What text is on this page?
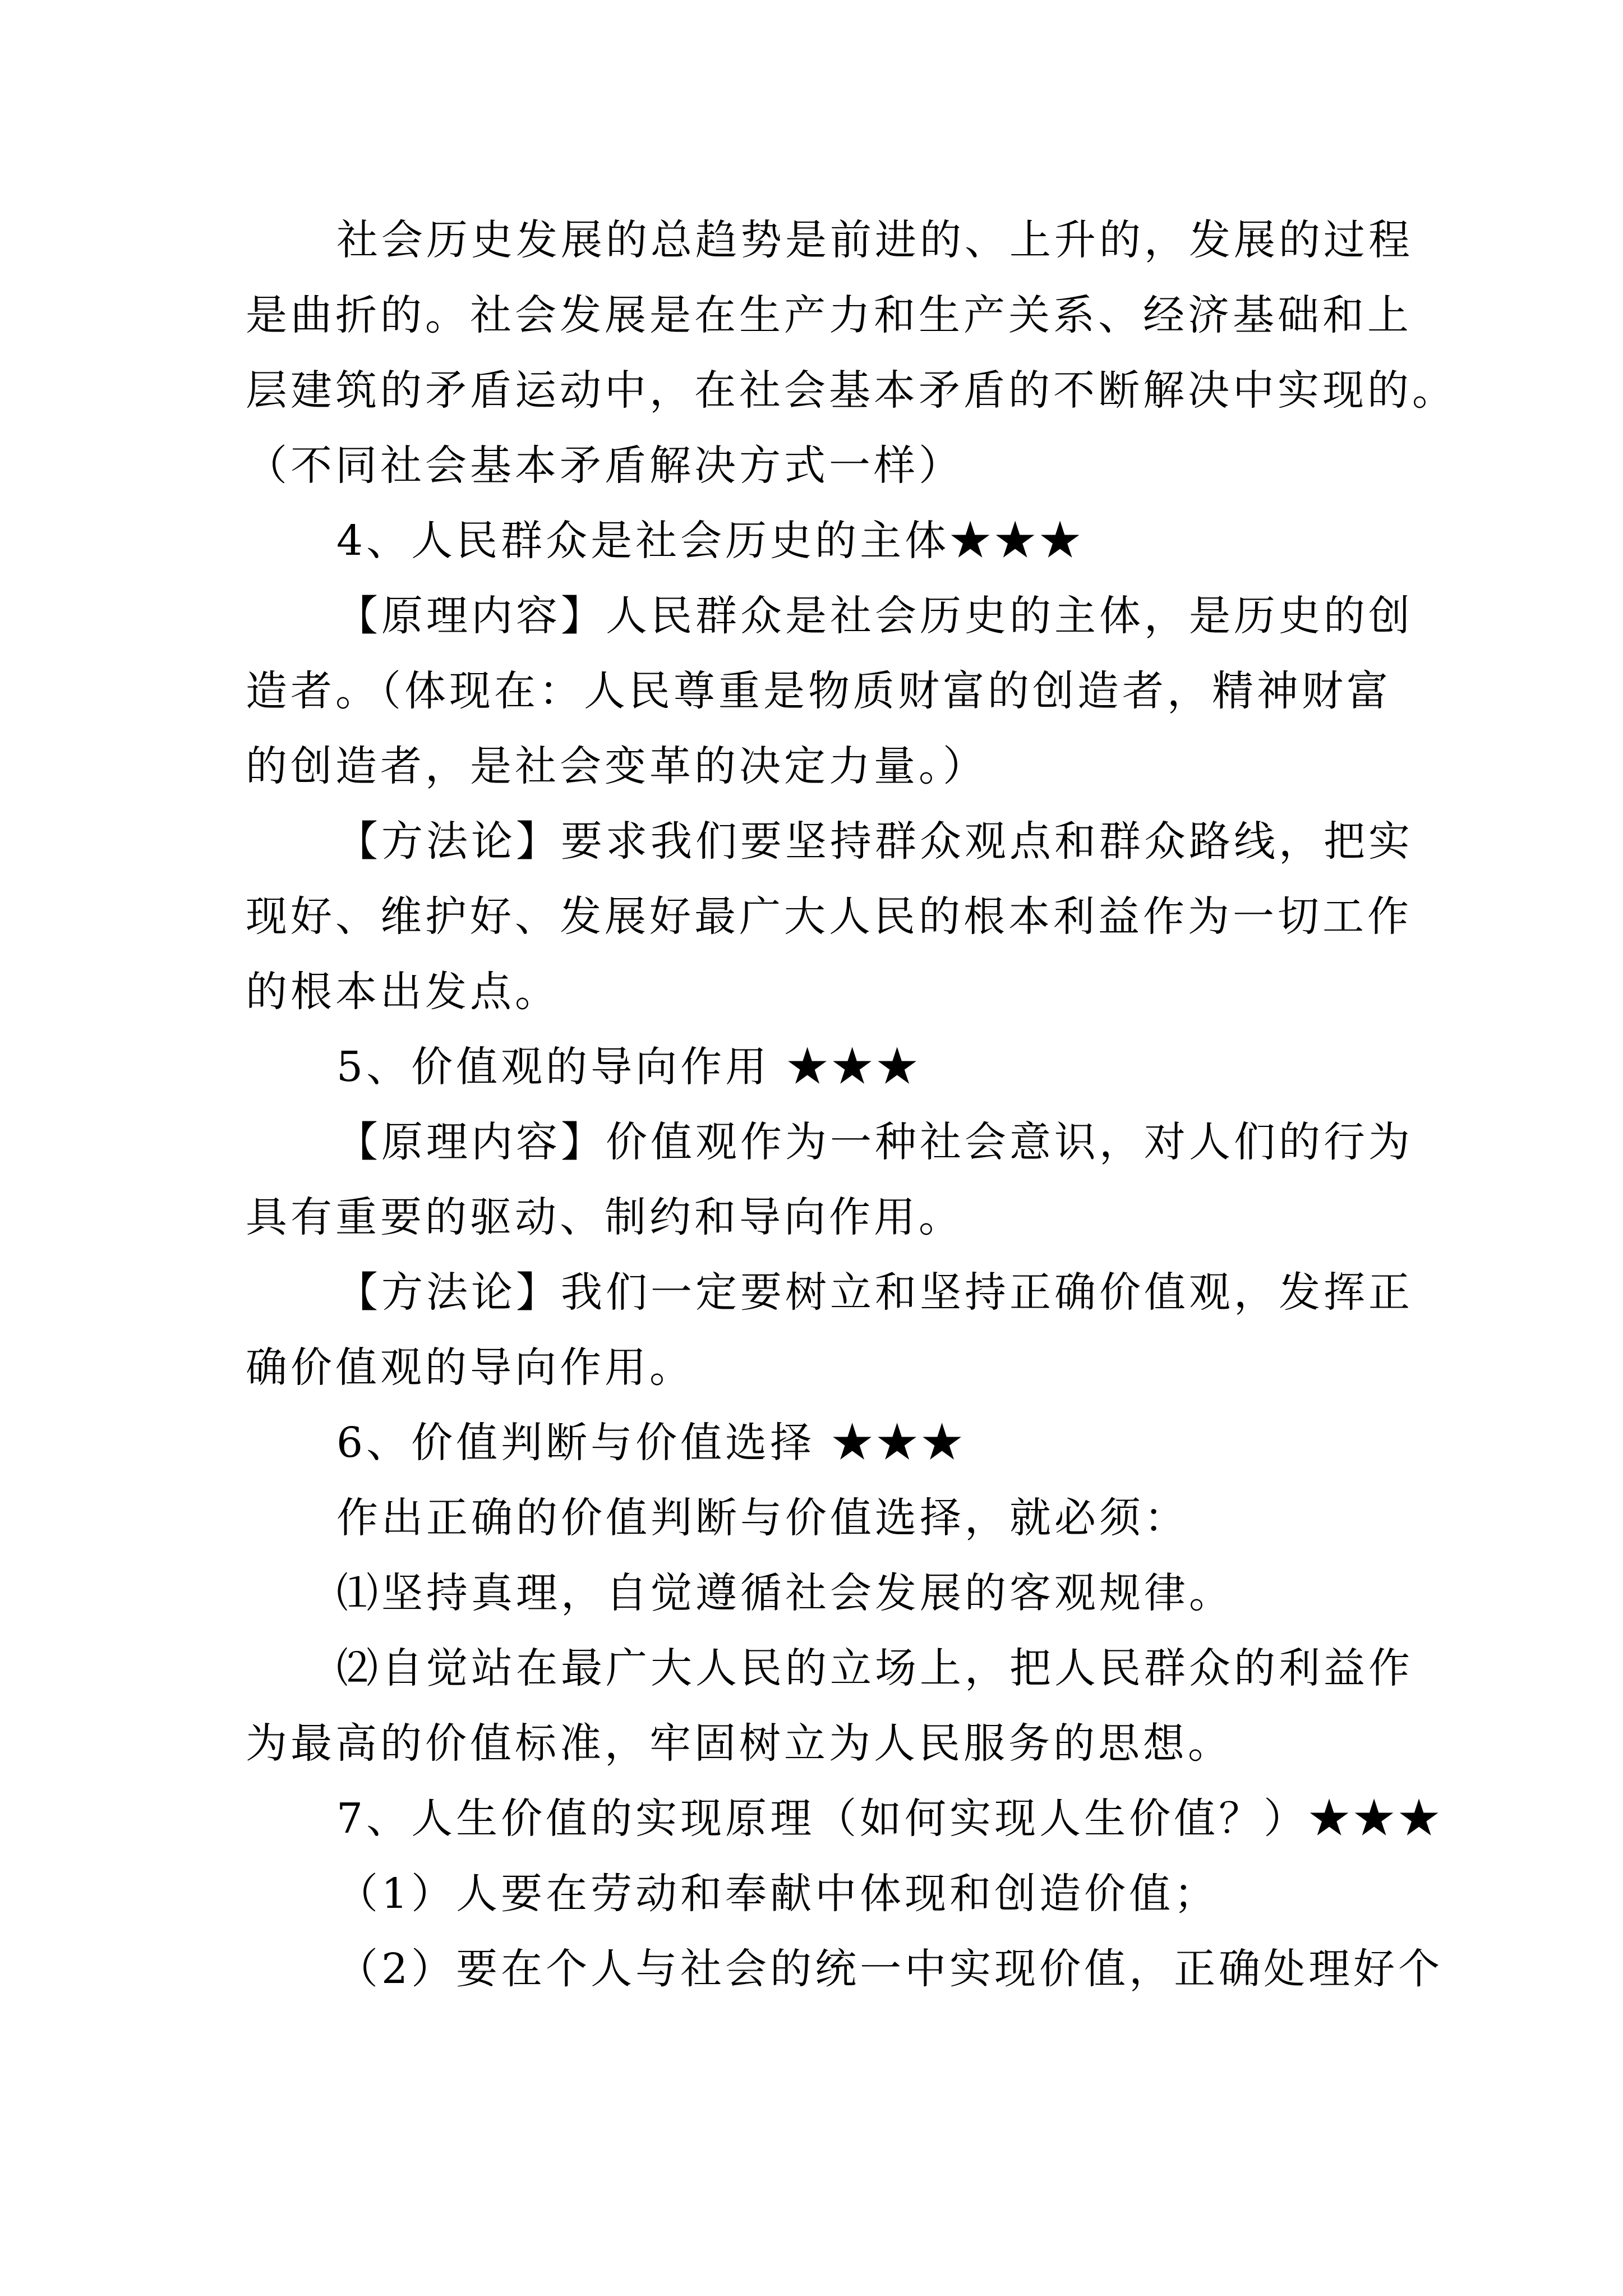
社会历史发展的总趋势是前进的、上升的，发展的过程
是曲折的。社会发展是在生产力和生产关系、经济基础和上
层建筑的矛盾运动中，在社会基本矛盾的不断解决中实现的。
（不同社会基本矛盾解决方式一样）
4、人民群众是社会历史的主体★★★
【原理内容】人民群众是社会历史的主体，是历史的创
造者。（体现在：人民尊重是物质财富的创造者，精神财富
的创造者，是社会变革的决定力量。）
【方法论】要求我们要坚持群众观点和群众路线，把实
现好、维护好、发展好最广大人民的根本利益作为一切工作
的根本出发点。
5、价值观的导向作用 ★★★
【原理内容】价值观作为一种社会意识，对人们的行为
具有重要的驱动、制约和导向作用。
【方法论】我们一定要树立和坚持正确价值观，发挥正
确价值观的导向作用。
6、价值判断与价值选择 ★★★
作出正确的价值判断与价值选择，就必须：
⑴坚持真理，自觉遵循社会发展的客观规律。
⑵自觉站在最广大人民的立场上，把人民群众的利益作
为最高的价值标准，牢固树立为人民服务的思想。
7、人生价值的实现原理（如何实现人生价值？）★★★
（1）人要在劳动和奉献中体现和创造价值；
（2）要在个人与社会的统一中实现价值，正确处理好个
